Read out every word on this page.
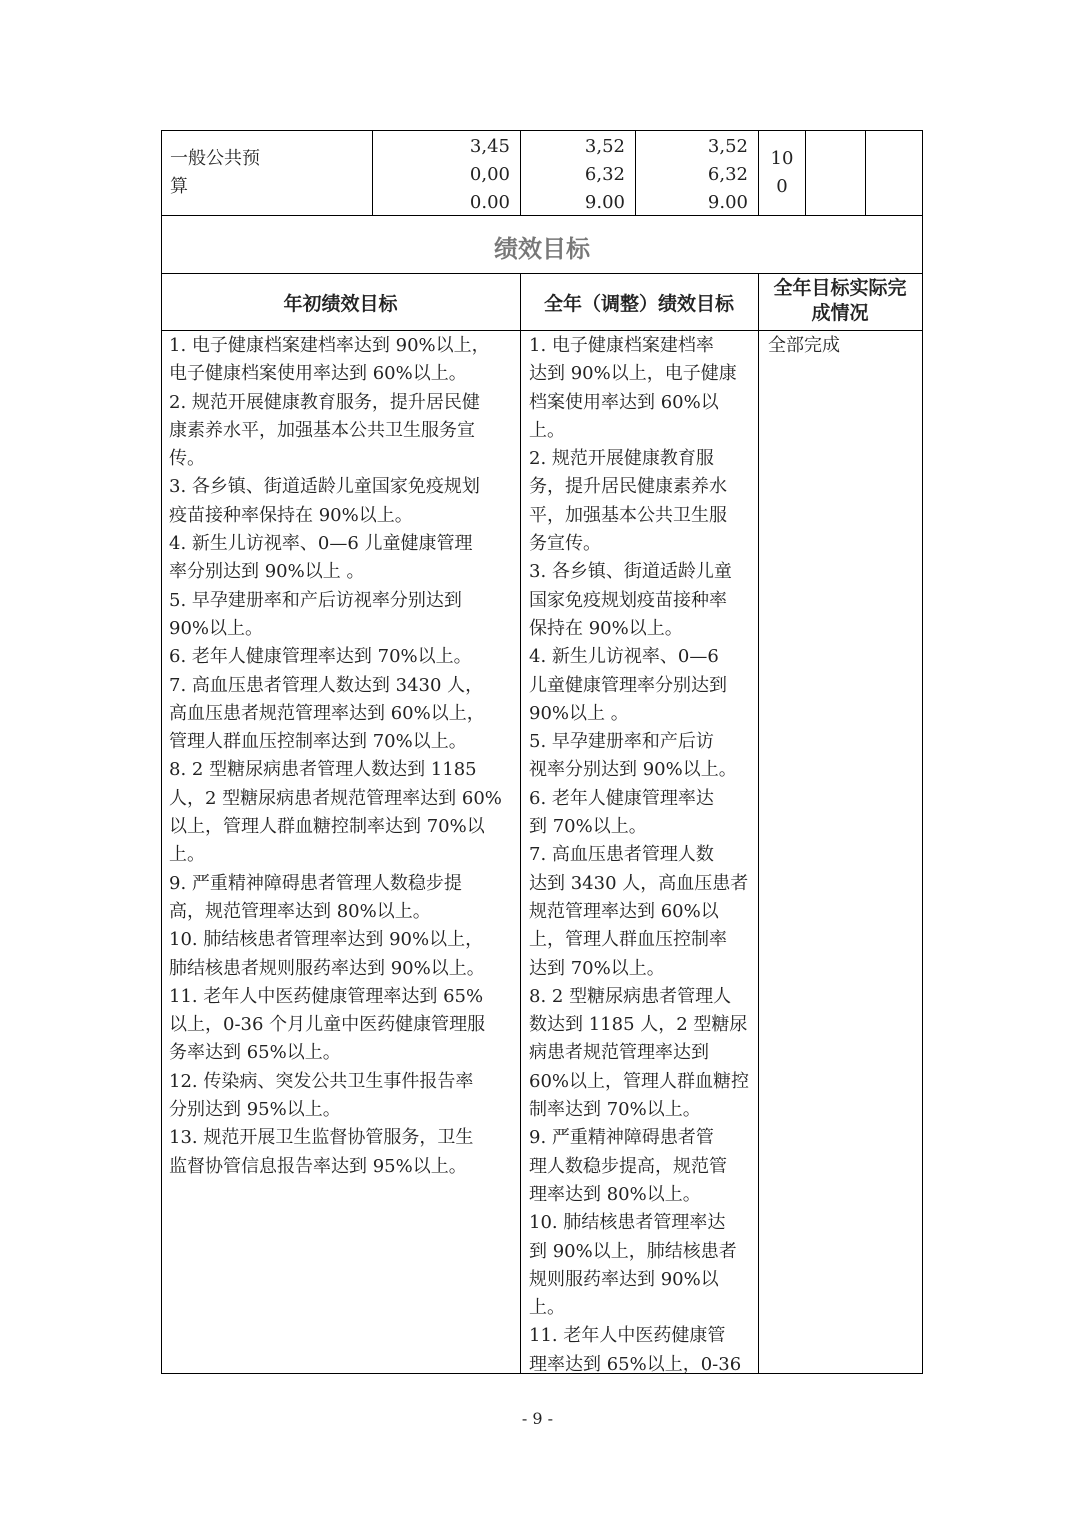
一般公共预
算
3,45
0,00
0.00
3,52
6,32
9.00
3,52
6,32
9.00
10
0
绩效目标
年初绩效目标	全年（调整）绩效目标
全年目标实际完
成情况
1. 电子健康档案建档率达到 90%以上，
电子健康档案使用率达到 60%以上。
2. 规范开展健康教育服务，提升居民健
康素养水平，加强基本公共卫生服务宣
传。
3. 各乡镇、街道适龄儿童国家免疫规划
疫苗接种率保持在 90%以上。
4. 新生儿访视率、0—6 儿童健康管理
率分别达到 90%以上 。
5. 早孕建册率和产后访视率分别达到
90%以上。
6. 老年人健康管理率达到 70%以上。
7. 高血压患者管理人数达到 3430 人，
高血压患者规范管理率达到 60%以上，
管理人群血压控制率达到 70%以上。
8. 2 型糖尿病患者管理人数达到 1185
人，2 型糖尿病患者规范管理率达到 60%
以上，管理人群血糖控制率达到 70%以
上。
9. 严重精神障碍患者管理人数稳步提
高，规范管理率达到 80%以上。
10. 肺结核患者管理率达到 90%以上，
肺结核患者规则服药率达到 90%以上。
11. 老年人中医药健康管理率达到 65%
以上，0-36 个月儿童中医药健康管理服
务率达到 65%以上。
12. 传染病、突发公共卫生事件报告率
分别达到 95%以上。
13. 规范开展卫生监督协管服务，卫生
监督协管信息报告率达到 95%以上。
1. 电子健康档案建档率
达到 90%以上，电子健康
档案使用率达到 60%以
上。
2. 规范开展健康教育服
务，提升居民健康素养水
平，加强基本公共卫生服
务宣传。
3. 各乡镇、街道适龄儿童
国家免疫规划疫苗接种率
保持在 90%以上。
4. 新生儿访视率、0—6
儿童健康管理率分别达到
90%以上 。
5. 早孕建册率和产后访
视率分别达到 90%以上。
6. 老年人健康管理率达
到 70%以上。
7. 高血压患者管理人数
达到 3430 人，高血压患者
规范管理率达到 60%以
上，管理人群血压控制率
达到 70%以上。
8. 2 型糖尿病患者管理人
数达到 1185 人，2 型糖尿
病患者规范管理率达到
60%以上，管理人群血糖控
制率达到 70%以上。
9. 严重精神障碍患者管
理人数稳步提高，规范管
理率达到 80%以上。
10. 肺结核患者管理率达
到 90%以上，肺结核患者
规则服药率达到 90%以
上。
11. 老年人中医药健康管
理率达到 65%以上，0-36
全部完成
- 9 -
